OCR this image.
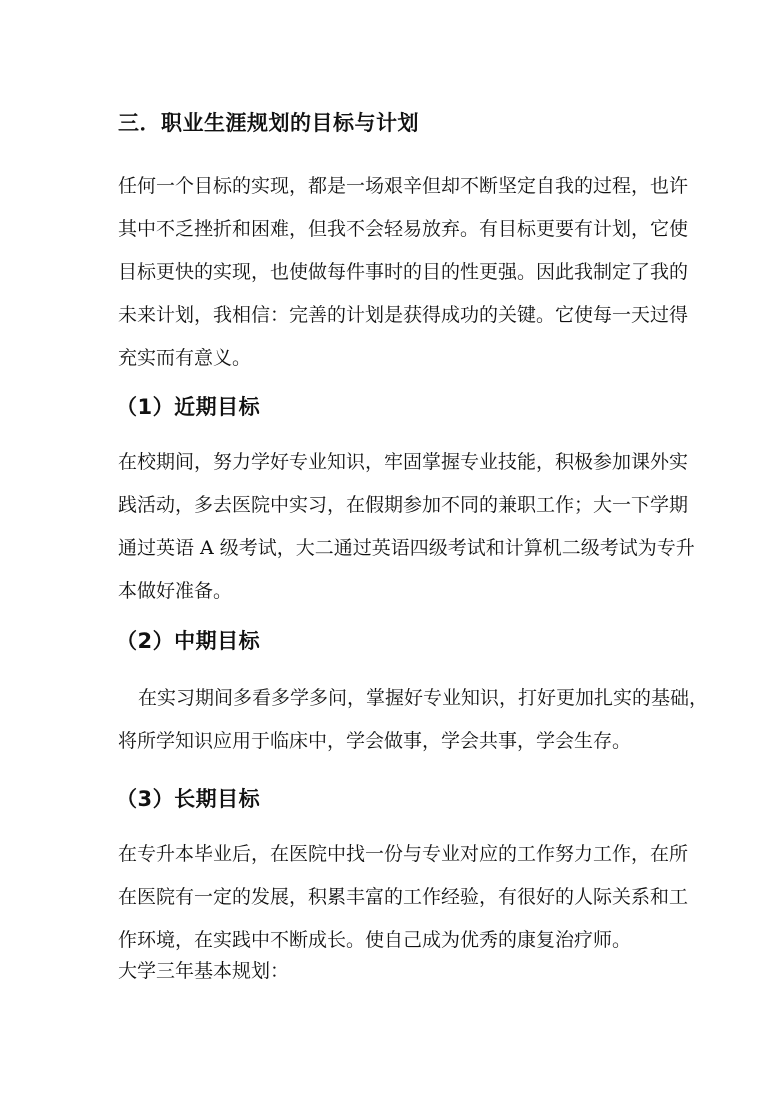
三．职业生涯规划的目标与计划
任何一个目标的实现，都是一场艰辛但却不断坚定自我的过程，也许
其中不乏挫折和困难，但我不会轻易放弃。有目标更要有计划，它使
目标更快的实现，也使做每件事时的目的性更强。因此我制定了我的
未来计划，我相信：完善的计划是获得成功的关键。它使每一天过得
充实而有意义。
（1）近期目标
在校期间，努力学好专业知识，牢固掌握专业技能，积极参加课外实
践活动，多去医院中实习，在假期参加不同的兼职工作；大一下学期
通过英语 A 级考试，大二通过英语四级考试和计算机二级考试为专升
本做好准备。
（2）中期目标
在实习期间多看多学多问，掌握好专业知识，打好更加扎实的基础，
将所学知识应用于临床中，学会做事，学会共事，学会生存。
（3）长期目标
在专升本毕业后，在医院中找一份与专业对应的工作努力工作，在所
在医院有一定的发展，积累丰富的工作经验，有很好的人际关系和工
作环境，在实践中不断成长。使自己成为优秀的康复治疗师。
大学三年基本规划：
